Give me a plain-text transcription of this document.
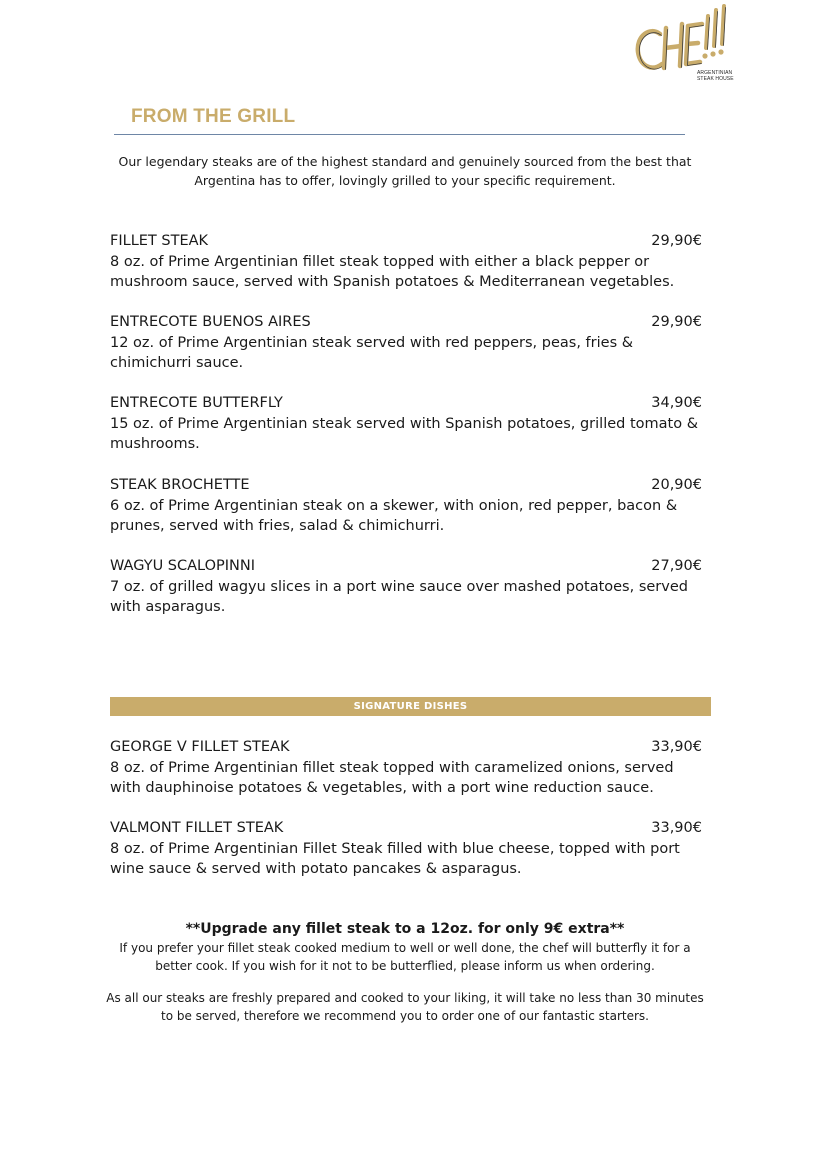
ARGENTINIAN
STEAK HOUSE
FROM THE GRILL
Our legendary steaks are of the highest standard and genuinely sourced from the best that Argentina has to offer, lovingly grilled to your specific requirement.
FILLET STEAK	29,90€
8 oz. of Prime Argentinian fillet steak topped with either a black pepper or mushroom sauce, served with Spanish potatoes & Mediterranean vegetables.
ENTRECOTE BUENOS AIRES	29,90€
12 oz. of Prime Argentinian steak served with red peppers, peas, fries & chimichurri sauce.
ENTRECOTE BUTTERFLY	34,90€
15 oz. of Prime Argentinian steak served with Spanish potatoes, grilled tomato & mushrooms.
STEAK BROCHETTE	20,90€
6 oz. of Prime Argentinian steak on a skewer, with onion, red pepper, bacon & prunes, served with fries, salad & chimichurri.
WAGYU SCALOPINNI	27,90€
7 oz. of grilled wagyu slices in a port wine sauce over mashed potatoes, served with asparagus.
SIGNATURE DISHES
GEORGE V FILLET STEAK	33,90€
8 oz. of Prime Argentinian fillet steak topped with caramelized onions, served with dauphinoise potatoes & vegetables, with a port wine reduction sauce.
VALMONT FILLET STEAK	33,90€
8 oz. of Prime Argentinian Fillet Steak filled with blue cheese, topped with port wine sauce & served with potato pancakes & asparagus.
**Upgrade any fillet steak to a 12oz. for only 9€ extra**
If you prefer your fillet steak cooked medium to well or well done, the chef will butterfly it for a better cook. If you wish for it not to be butterflied, please inform us when ordering.
As all our steaks are freshly prepared and cooked to your liking, it will take no less than 30 minutes to be served, therefore we recommend you to order one of our fantastic starters.
